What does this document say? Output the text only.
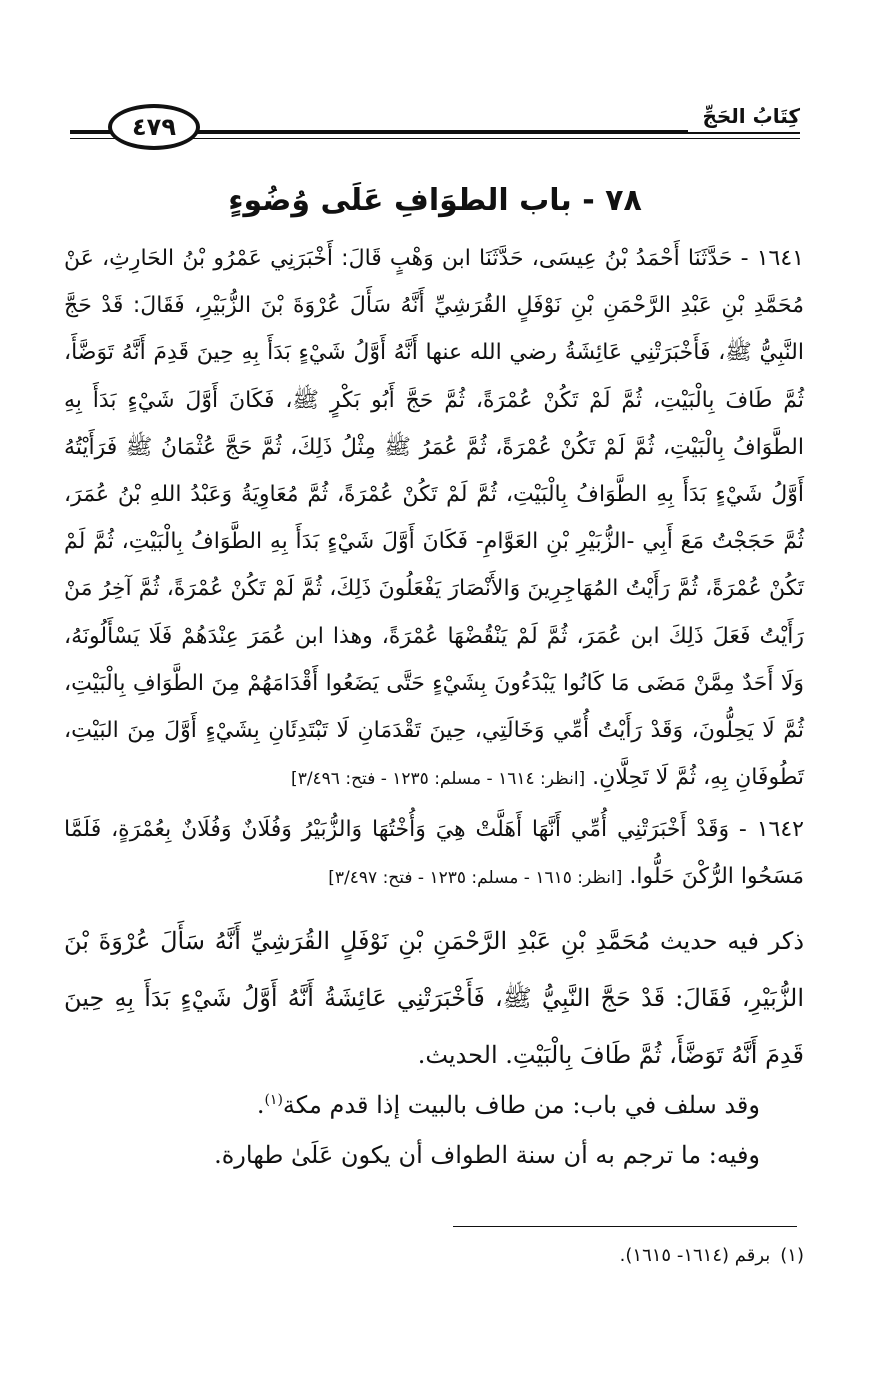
كِتَابُ الحَجِّ
٤٧٩
٧٨ - باب الطوَافِ عَلَى وُضُوءٍ

١٦٤١ - حَدَّثَنَا أَحْمَدُ بْنُ عِيسَى، حَدَّثَنَا ابن وَهْبٍ قَالَ: أَخْبَرَنِي عَمْرُو بْنُ الحَارِثِ، عَنْ مُحَمَّدِ بْنِ عَبْدِ الرَّحْمَنِ بْنِ نَوْفَلٍ القُرَشِيِّ أَنَّهُ سَأَلَ عُرْوَةَ بْنَ الزُّبَيْرِ، فَقَالَ: قَدْ حَجَّ النَّبِيُّ ﷺ، فَأَخْبَرَتْنِي عَائِشَةُ رضي الله عنها أَنَّهُ أَوَّلُ شَيْءٍ بَدَأَ بِهِ حِينَ قَدِمَ أَنَّهُ تَوَضَّأَ، ثُمَّ طَافَ بِالْبَيْتِ، ثُمَّ لَمْ تَكُنْ عُمْرَةً، ثُمَّ حَجَّ أَبُو بَكْرٍ ﷺ، فَكَانَ أَوَّلَ شَيْءٍ بَدَأَ بِهِ الطَّوَافُ بِالْبَيْتِ، ثُمَّ لَمْ تَكُنْ عُمْرَةً، ثُمَّ عُمَرُ ﷺ مِثْلُ ذَلِكَ، ثُمَّ حَجَّ عُثْمَانُ ﷺ فَرَأَيْتُهُ أَوَّلُ شَيْءٍ بَدَأَ بِهِ الطَّوَافُ بِالْبَيْتِ، ثُمَّ لَمْ تَكُنْ عُمْرَةً، ثُمَّ مُعَاوِيَةُ وَعَبْدُ اللهِ بْنُ عُمَرَ، ثُمَّ حَجَجْتُ مَعَ أَبِي -الزُّبَيْرِ بْنِ العَوَّامِ- فَكَانَ أَوَّلَ شَيْءٍ بَدَأَ بِهِ الطَّوَافُ بِالْبَيْتِ، ثُمَّ لَمْ تَكُنْ عُمْرَةً، ثُمَّ رَأَيْتُ المُهَاجِرِينَ وَالأَنْصَارَ يَفْعَلُونَ ذَلِكَ، ثُمَّ لَمْ تَكُنْ عُمْرَةً، ثُمَّ آخِرُ مَنْ رَأَيْتُ فَعَلَ ذَلِكَ ابن عُمَرَ، ثُمَّ لَمْ يَنْقُضْهَا عُمْرَةً، وهذا ابن عُمَرَ عِنْدَهُمْ فَلَا يَسْأَلُونَهُ، وَلَا أَحَدٌ مِمَّنْ مَضَى مَا كَانُوا يَبْدَءُونَ بِشَيْءٍ حَتَّى يَضَعُوا أَقْدَامَهُمْ مِنَ الطَّوَافِ بِالْبَيْتِ، ثُمَّ لَا يَحِلُّونَ، وَقَدْ رَأَيْتُ أُمِّي وَخَالَتِي، حِينَ تَقْدَمَانِ لَا تَبْتَدِئَانِ بِشَيْءٍ أَوَّلَ مِنَ البَيْتِ، تَطُوفَانِ بِهِ، ثُمَّ لَا تَحِلَّانِ. [انظر: ١٦١٤ - مسلم: ١٢٣٥ - فتح: ٣/٤٩٦]

١٦٤٢ - وَقَدْ أَخْبَرَتْنِي أُمِّي أَنَّهَا أَهَلَّتْ هِيَ وَأُخْتُهَا وَالزُّبَيْرُ وَفُلَانٌ وَفُلَانٌ بِعُمْرَةٍ، فَلَمَّا مَسَحُوا الرُّكْنَ حَلُّوا. [انظر: ١٦١٥ - مسلم: ١٢٣٥ - فتح: ٣/٤٩٧]

ذكر فيه حديث مُحَمَّدِ بْنِ عَبْدِ الرَّحْمَنِ بْنِ نَوْفَلٍ القُرَشِيِّ أَنَّهُ سَأَلَ عُرْوَةَ بْنَ الزُّبَيْرِ، فَقَالَ: قَدْ حَجَّ النَّبِيُّ ﷺ، فَأَخْبَرَتْنِي عَائِشَةُ أَنَّهُ أَوَّلُ شَيْءٍ بَدَأَ بِهِ حِينَ قَدِمَ أَنَّهُ تَوَضَّأَ، ثُمَّ طَافَ بِالْبَيْتِ. الحديث.

وقد سلف في باب: من طاف بالبيت إذا قدم مكة$^{(١)}$.

وفيه: ما ترجم به أن سنة الطواف أن يكون عَلَىٰ طهارة.

(١)برقم (١٦١٤- ١٦١٥).
